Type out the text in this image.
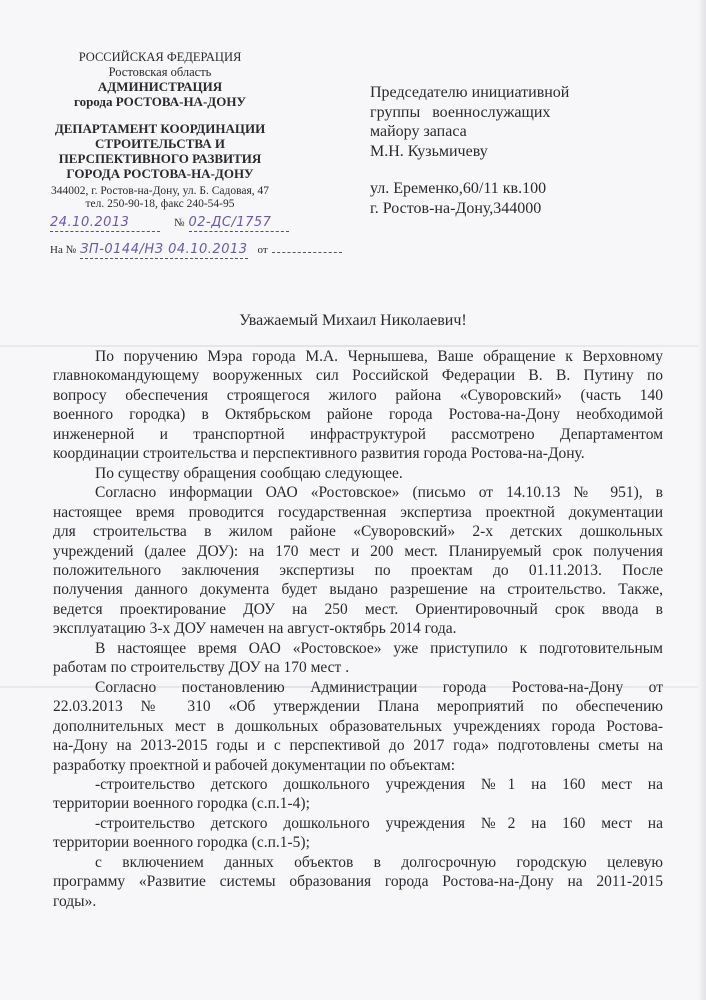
РОССИЙСКАЯ ФЕДЕРАЦИЯ
Ростовская область
АДМИНИСТРАЦИЯ
города РОСТОВА-НА-ДОНУ
ДЕПАРТАМЕНТ КООРДИНАЦИИ
СТРОИТЕЛЬСТВА И
ПЕРСПЕКТИВНОГО РАЗВИТИЯ
ГОРОДА РОСТОВА-НА-ДОНУ
344002, г. Ростов-на-Дону, ул. Б. Садовая, 47
тел. 250-90-18, факс 240-54-95
24.10.2013	№ 02-ДС/1757
На № ЗП-0144/НЗ 04.10.2013 от
Председателю инициативной
группы   военнослужащих
майору запаса
М.Н. Кузьмичеву
ул. Еременко,60/11 кв.100
г. Ростов-на-Дону,344000
Уважаемый Михаил Николаевич!
По поручению Мэра города М.А. Чернышева, Ваше обращение к Верховному
главнокомандующему вооруженных сил Российской Федерации В. В. Путину по
вопросу обеспечения строящегося жилого района «Суворовский» (часть 140
военного городка) в Октябрьском районе города Ростова-на-Дону необходимой
инженерной и транспортной инфраструктурой рассмотрено Департаментом
координации строительства и перспективного развития города Ростова-на-Дону.
По существу обращения сообщаю следующее.
Согласно информации ОАО «Ростовское» (письмо от 14.10.13 № 951), в
настоящее время проводится государственная экспертиза проектной документации
для строительства в жилом районе «Суворовский» 2-х детских дошкольных
учреждений (далее ДОУ): на 170 мест и 200 мест. Планируемый срок получения
положительного заключения экспертизы по проектам до 01.11.2013. После
получения данного документа будет выдано разрешение на строительство. Также,
ведется проектирование ДОУ на 250 мест. Ориентировочный срок ввода в
эксплуатацию 3-х ДОУ намечен на август-октябрь 2014 года.
В настоящее время ОАО «Ростовское» уже приступило к подготовительным
работам по строительству ДОУ на 170 мест .
Согласно постановлению Администрации города Ростова-на-Дону от
22.03.2013 № 310 «Об утверждении Плана мероприятий по обеспечению
дополнительных мест в дошкольных образовательных учреждениях города Ростова-
на-Дону на 2013-2015 годы и с перспективой до 2017 года» подготовлены сметы на
разработку проектной и рабочей документации по объектам:
-строительство детского дошкольного учреждения №1 на 160 мест на
территории военного городка (с.п.1-4);
-строительство детского дошкольного учреждения №2 на 160 мест на
территории военного городка (с.п.1-5);
с включением данных объектов в долгосрочную городскую целевую
программу «Развитие системы образования города Ростова-на-Дону на 2011-2015
годы».
